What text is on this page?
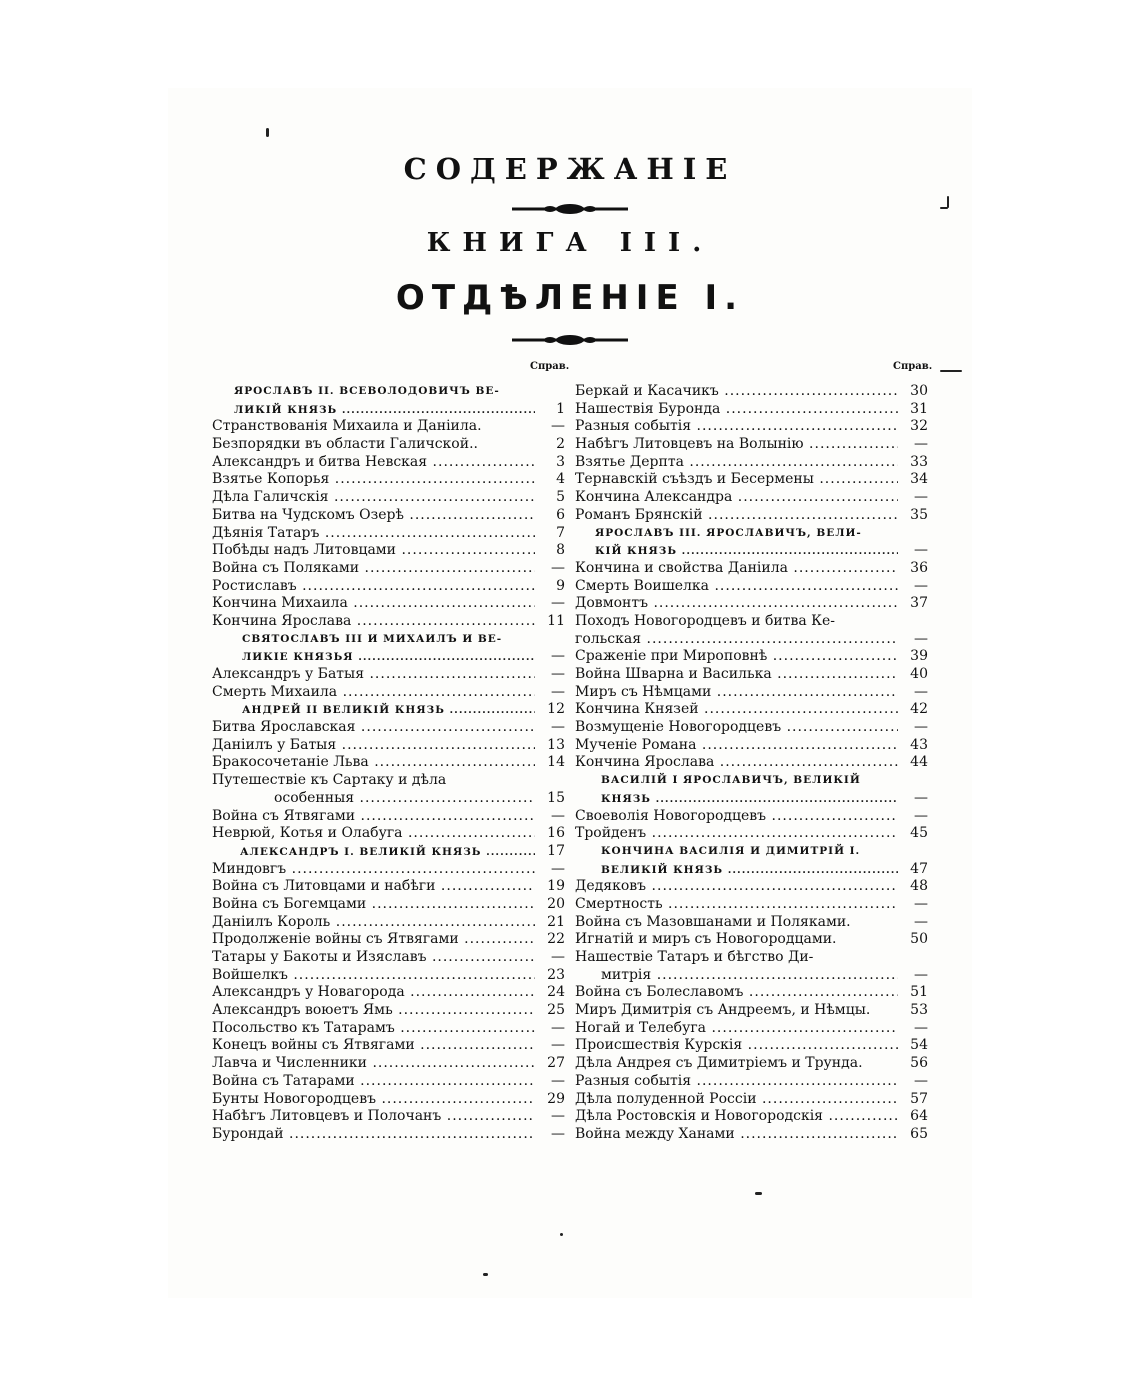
СОДЕРЖАНІЕ
КНИГА III.
ОТДѢЛЕНІЕ I.
Справ.	Справ.
ЯРОСЛАВЪ II. ВСЕВОЛОДОВИЧЪ ВЕ-
ЛИКІЙ КНЯЗЬ .....	1
Странствованія Михаила и Даніила.	—
Безпорядки въ области Галичской..	2
Александръ и битва Невская .....	3
Взятье Копорья .....	4
Дѣла Галичскія .....	5
Битва на Чудскомъ Озерѣ .....	6
Дѣянія Татаръ .....	7
Побѣды надъ Литовцами .....	8
Война съ Поляками .....	—
Ростиславъ .....	9
Кончина Михаила .....	—
Кончина Ярослава .....	11
СВЯТОСЛАВЪ III И МИХАИЛЪ И ВЕ-
ЛИКІЕ КНЯЗЬЯ .....	—
Александръ у Батыя .....	—
Смерть Михаила .....	—
АНДРЕЙ II ВЕЛИКІЙ КНЯЗЬ .....	12
Битва Ярославская .....	—
Даніилъ у Батыя .....	13
Бракосочетаніе Льва .....	14
Путешествіе къ Сартаку и дѣла
особенныя .....	15
Война съ Ятвягами .....	—
Неврюй, Котья и Олабуга .....	16
АЛЕКСАНДРЪ I. ВЕЛИКІЙ КНЯЗЬ .....	17
Миндовгъ .....	—
Война съ Литовцами и набѣги .....	19
Война съ Богемцами .....	20
Даніилъ Король .....	21
Продолженіе войны съ Ятвягами .....	22
Татары у Бакоты и Изяславъ .....	—
Войшелкъ .....	23
Александръ у Новагорода .....	24
Александръ воюетъ Ямь .....	25
Посольство къ Татарамъ .....	—
Конецъ войны съ Ятвягами .....	—
Лавча и Численники .....	27
Война съ Татарами .....	—
Бунты Новогородцевъ .....	29
Набѣгъ Литовцевъ и Полочанъ .....	—
Бурондай .....	—
Беркай и Касачикъ .....	30
Нашествія Буронда .....	31
Разныя событія .....	32
Набѣгъ Литовцевъ на Волынію .....	—
Взятье Дерпта .....	33
Тернавскій съѣздъ и Бесермены .....	34
Кончина Александра .....	—
Романъ Брянскій .....	35
ЯРОСЛАВЪ III. ЯРОСЛАВИЧЪ, ВЕЛИ-
КІЙ КНЯЗЬ .....	—
Кончина и свойства Даніила .....	36
Смерть Воишелка .....	—
Довмонтъ .....	37
Походъ Новогородцевъ и битва Ке-
гольская .....	—
Сраженіе при Мироповнѣ .....	39
Война Шварна и Василька .....	40
Миръ съ Нѣмцами .....	—
Кончина Князей .....	42
Возмущеніе Новогородцевъ .....	—
Мученіе Романа .....	43
Кончина Ярослава .....	44
ВАСИЛІЙ I ЯРОСЛАВИЧЪ, ВЕЛИКІЙ
КНЯЗЬ .....	—
Своеволія Новогородцевъ .....	—
Тройденъ .....	45
КОНЧИНА ВАСИЛІЯ И ДИМИТРІЙ I.
ВЕЛИКІЙ КНЯЗЬ .....	47
Дедяковъ .....	48
Смертность .....	—
Война съ Мазовшанами и Поляками.	—
Игнатій и миръ съ Новогородцами.	50
Нашествіе Татаръ и бѣгство Ди-
митрія .....	—
Война съ Болеславомъ .....	51
Миръ Димитрія съ Андреемъ, и Нѣмцы.	53
Ногай и Телебуга .....	—
Происшествія Курскія .....	54
Дѣла Андрея съ Димитріемъ и Трунда.	56
Разныя событія .....	—
Дѣла полуденной Россіи .....	57
Дѣла Ростовскія и Новогородскія .....	64
Война между Ханами .....	65
